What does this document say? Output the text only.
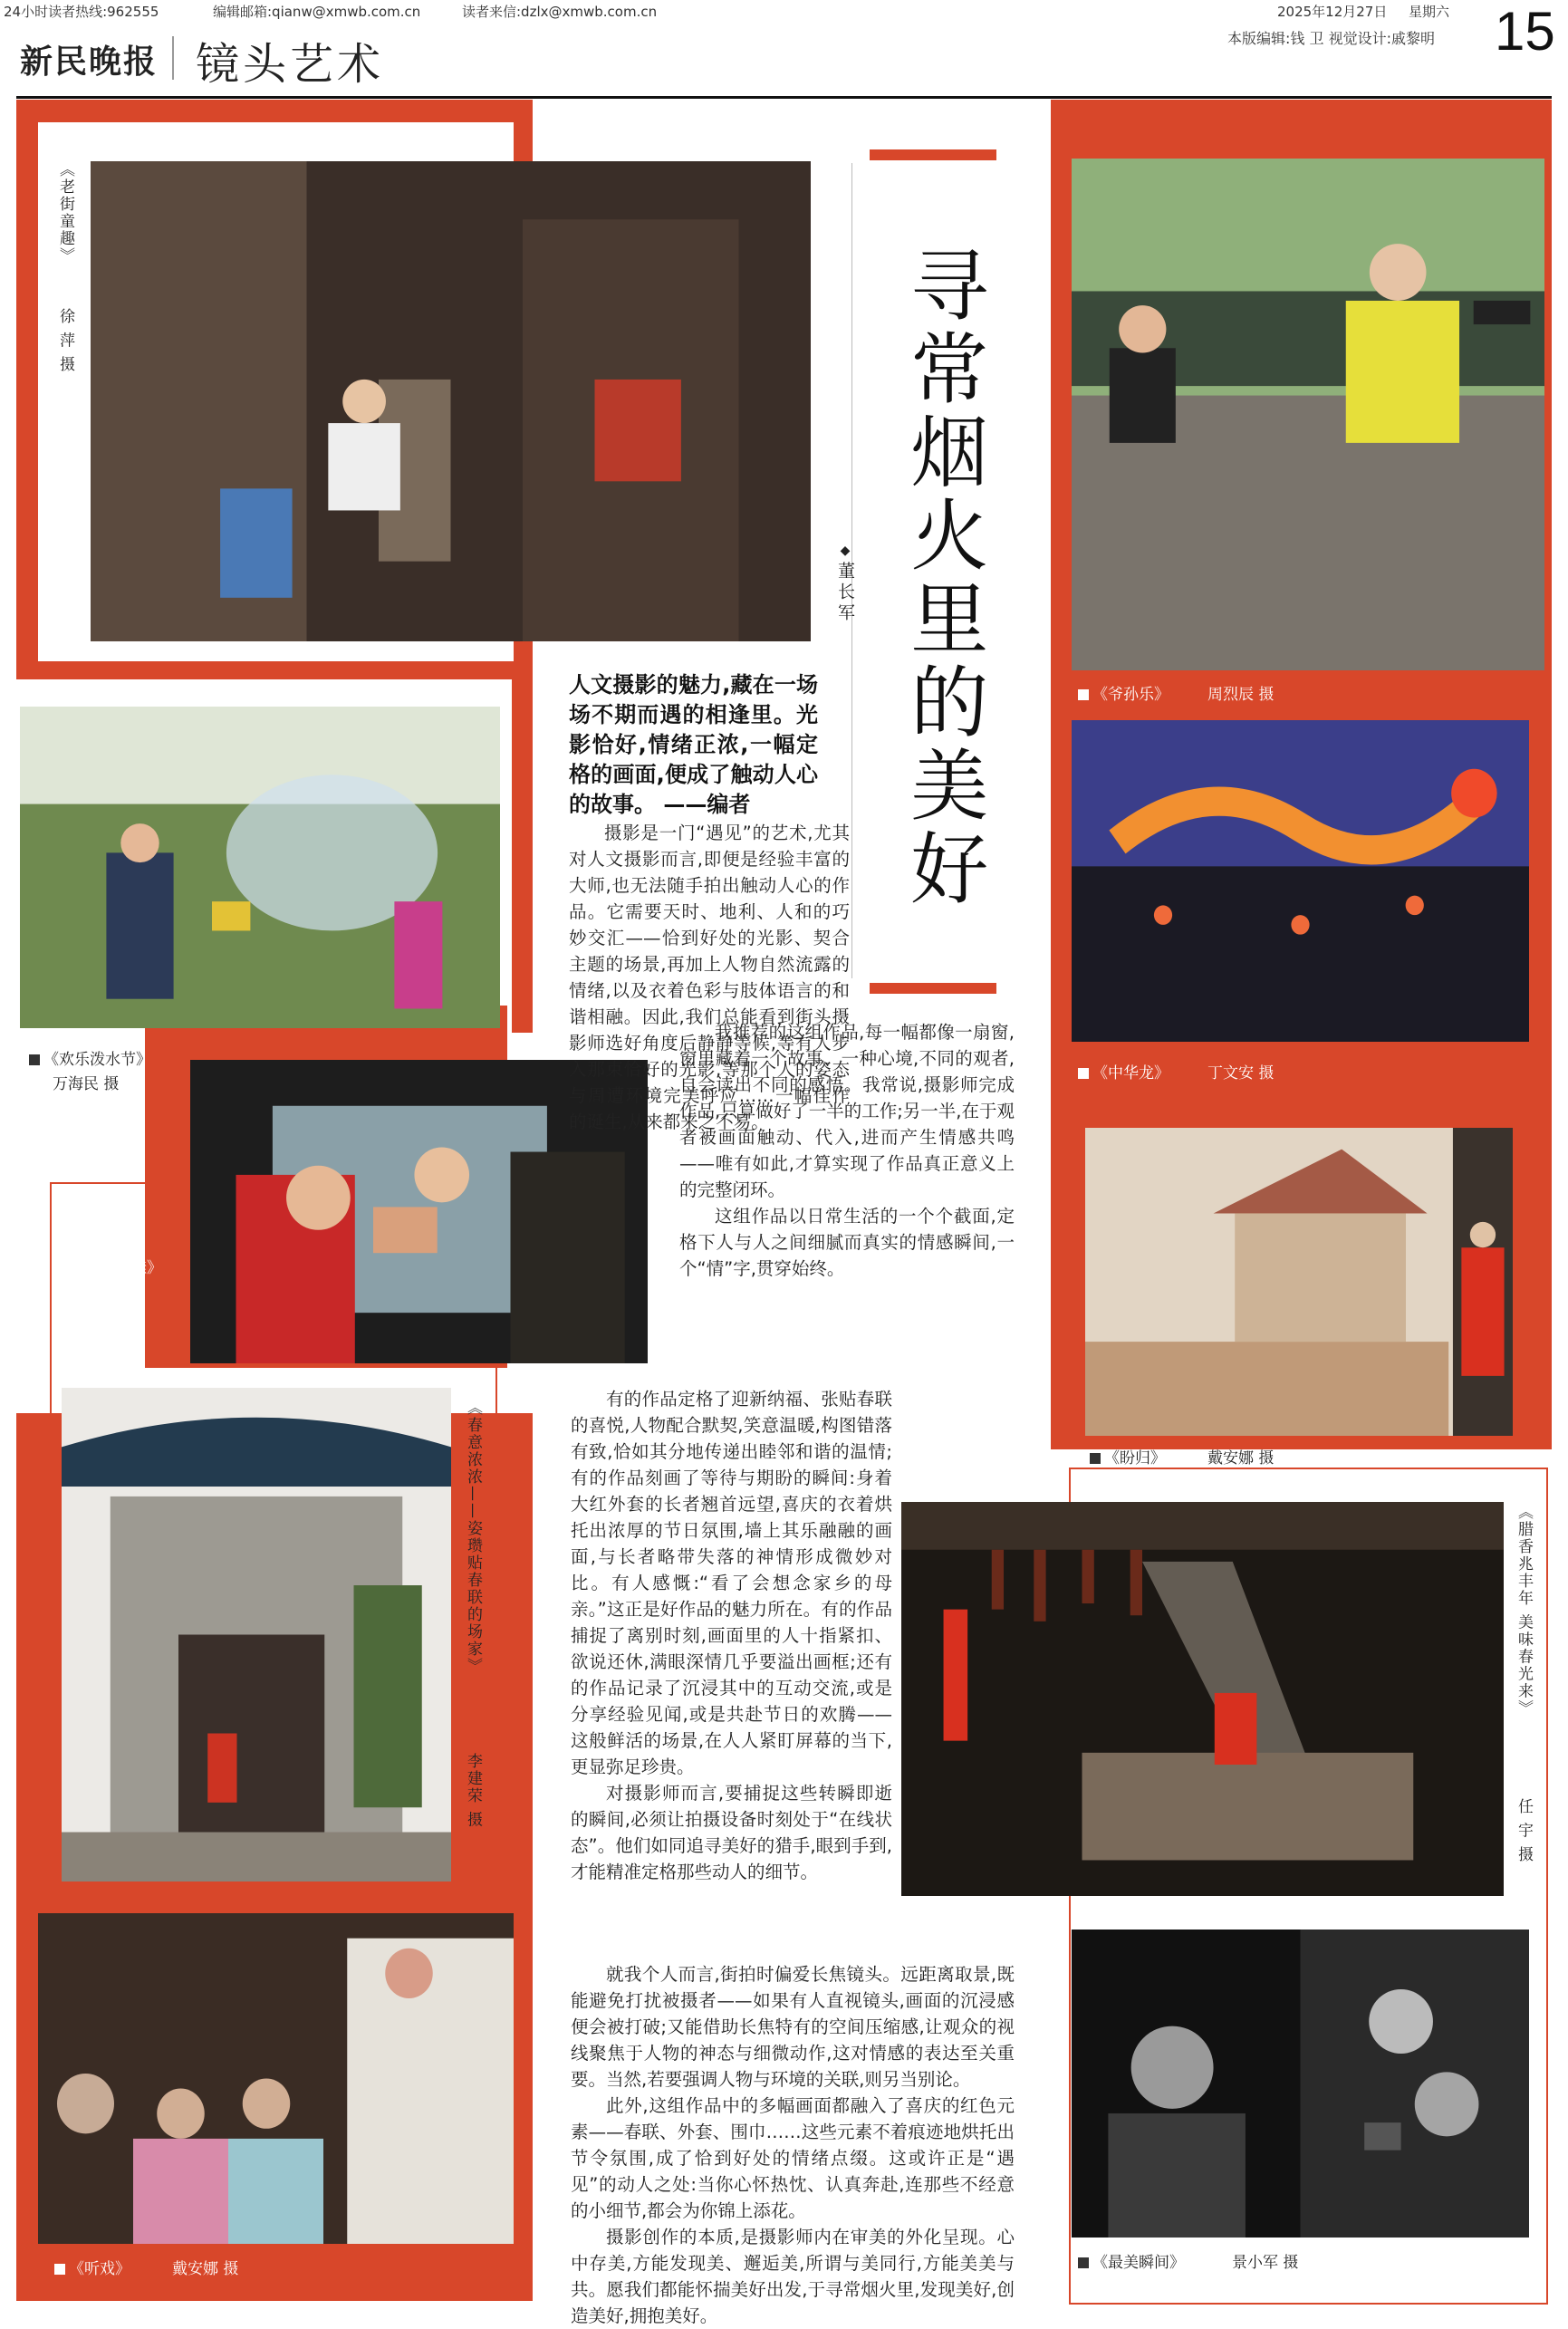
24小时读者热线:962555	编辑邮箱:qianw@xmwb.com.cn	读者来信:dzlx@xmwb.com.cn	2025年12月27日 星期六 15
本版编辑:钱 卫 视觉设计:戚黎明
新民晚报 镜头艺术
《老街童趣》
徐 萍 摄
《欢乐泼水节》
万海民 摄
《牵挂》
李 立 摄
《春意浓浓——姿瓒贴春联的场家》
李建荣 摄
《听戏》	戴安娜 摄
《爷孙乐》 周烈辰 摄
《中华龙》 丁文安 摄
《盼归》	戴安娜 摄
《腊香兆丰年 美味春光来》
任 宇 摄
《最美瞬间》	景小军 摄
寻常烟火里的美好
◆董长军
人文摄影的魅力,藏在一场场不期而遇的相逢里。光影恰好,情绪正浓,一幅定格的画面,便成了触动人心的故事。 ——编者

摄影是一门“遇见”的艺术,尤其对人文摄影而言,即便是经验丰富的大师,也无法随手拍出触动人心的作品。它需要天时、地利、人和的巧妙交汇——恰到好处的光影、契合主题的场景,再加上人物自然流露的情绪,以及衣着色彩与肢体语言的和谐相融。因此,我们总能看到街头摄影师选好角度后静静等候,等有人步入那束恰好的光影,等那个人的姿态与周遭环境完美呼应……一幅佳作的诞生,从来都来之不易。

我推荐的这组作品,每一幅都像一扇窗,窗里藏着一个故事、一种心境,不同的观者,自会读出不同的感悟。我常说,摄影师完成作品,只算做好了一半的工作;另一半,在于观者被画面触动、代入,进而产生情感共鸣——唯有如此,才算实现了作品真正意义上的完整闭环。

这组作品以日常生活的一个个截面,定格下人与人之间细腻而真实的情感瞬间,一个“情”字,贯穿始终。

有的作品定格了迎新纳福、张贴春联的喜悦,人物配合默契,笑意温暖,构图错落有致,恰如其分地传递出睦邻和谐的温情;有的作品刻画了等待与期盼的瞬间:身着大红外套的长者翘首远望,喜庆的衣着烘托出浓厚的节日氛围,墙上其乐融融的画面,与长者略带失落的神情形成微妙对比。有人感慨:“看了会想念家乡的母亲。”这正是好作品的魅力所在。有的作品捕捉了离别时刻,画面里的人十指紧扣、欲说还休,满眼深情几乎要溢出画框;还有的作品记录了沉浸其中的互动交流,或是分享经验见闻,或是共赴节日的欢腾——这般鲜活的场景,在人人紧盯屏幕的当下,更显弥足珍贵。

对摄影师而言,要捕捉这些转瞬即逝的瞬间,必须让拍摄设备时刻处于“在线状态”。他们如同追寻美好的猎手,眼到手到,才能精准定格那些动人的细节。

就我个人而言,街拍时偏爱长焦镜头。远距离取景,既能避免打扰被摄者——如果有人直视镜头,画面的沉浸感便会被打破;又能借助长焦特有的空间压缩感,让观众的视线聚焦于人物的神态与细微动作,这对情感的表达至关重要。当然,若要强调人物与环境的关联,则另当别论。

此外,这组作品中的多幅画面都融入了喜庆的红色元素——春联、外套、围巾……这些元素不着痕迹地烘托出节令氛围,成了恰到好处的情绪点缀。这或许正是“遇见”的动人之处:当你心怀热忱、认真奔赴,连那些不经意的小细节,都会为你锦上添花。

摄影创作的本质,是摄影师内在审美的外化呈现。心中存美,方能发现美、邂逅美,所谓与美同行,方能美美与共。愿我们都能怀揣美好出发,于寻常烟火里,发现美好,创造美好,拥抱美好。
